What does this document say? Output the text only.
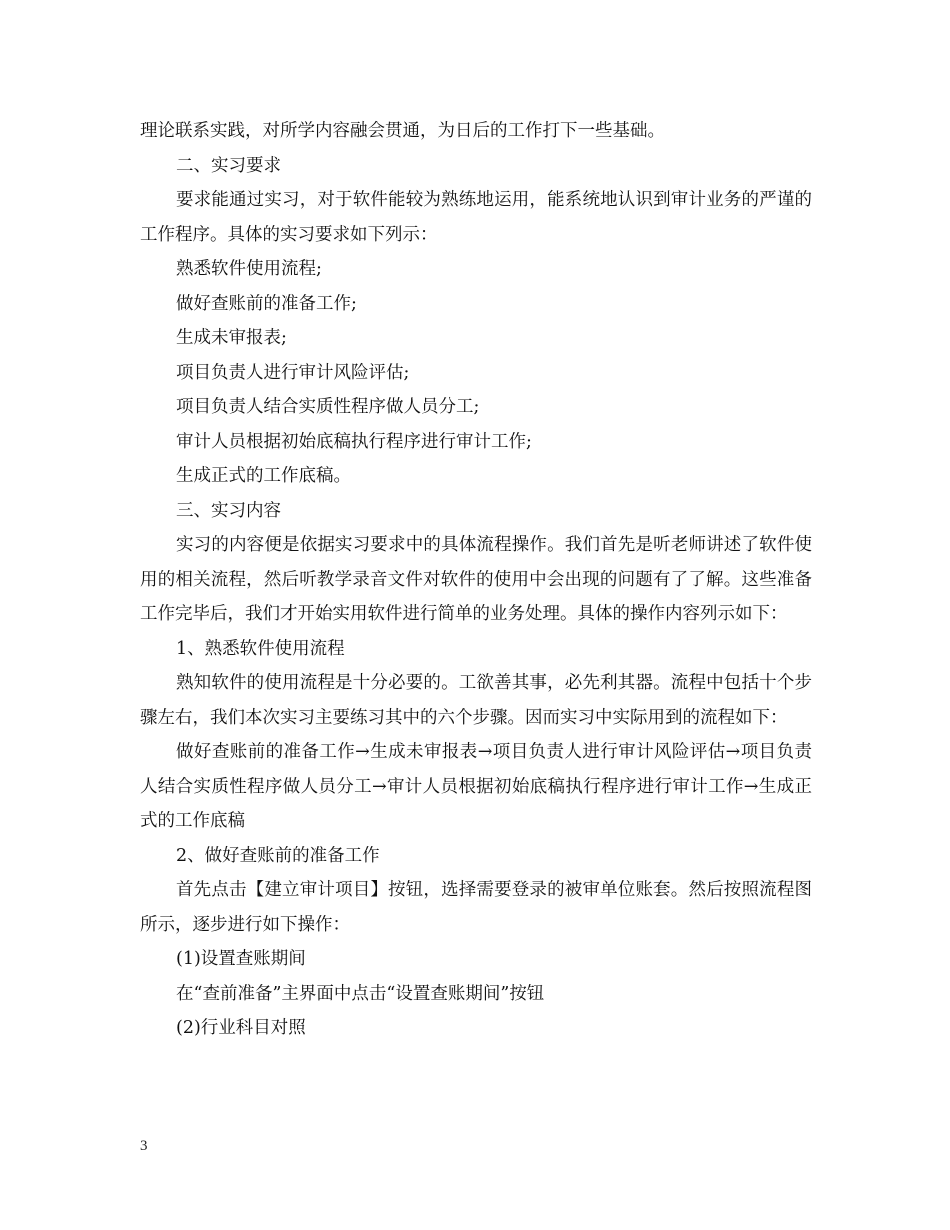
理论联系实践，对所学内容融会贯通，为日后的工作打下一些基础。

二、实习要求

要求能通过实习，对于软件能较为熟练地运用，能系统地认识到审计业务的严谨的工作程序。具体的实习要求如下列示：

熟悉软件使用流程;

做好查账前的准备工作;

生成未审报表;

项目负责人进行审计风险评估;

项目负责人结合实质性程序做人员分工;

审计人员根据初始底稿执行程序进行审计工作;

生成正式的工作底稿。

三、实习内容

实习的内容便是依据实习要求中的具体流程操作。我们首先是听老师讲述了软件使用的相关流程，然后听教学录音文件对软件的使用中会出现的问题有了了解。这些准备工作完毕后，我们才开始实用软件进行简单的业务处理。具体的操作内容列示如下：

1、熟悉软件使用流程

熟知软件的使用流程是十分必要的。工欲善其事，必先利其器。流程中包括十个步骤左右，我们本次实习主要练习其中的六个步骤。因而实习中实际用到的流程如下：

做好查账前的准备工作→生成未审报表→项目负责人进行审计风险评估→项目负责人结合实质性程序做人员分工→审计人员根据初始底稿执行程序进行审计工作→生成正式的工作底稿

2、做好查账前的准备工作

首先点击【建立审计项目】按钮，选择需要登录的被审单位账套。然后按照流程图所示，逐步进行如下操作：

(1)设置查账期间

在“查前准备”主界面中点击“设置查账期间”按钮

(2)行业科目对照

3
